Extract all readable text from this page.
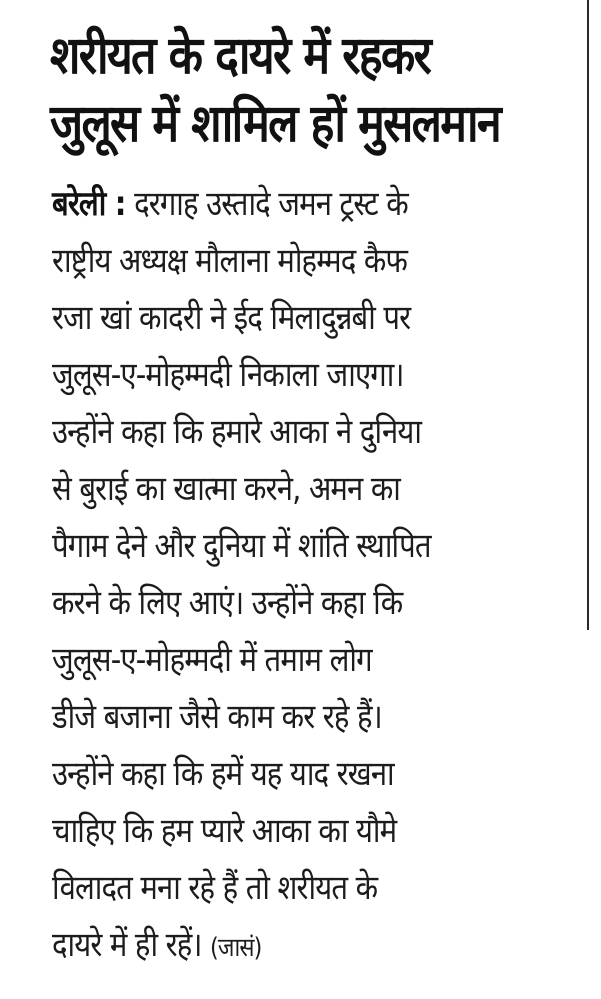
शरीयत के दायरे में रहकर
जुलूस में शामिल हों मुसलमान
बरेली : दरगाह उस्तादे जमन ट्रस्ट के
राष्ट्रीय अध्यक्ष मौलाना मोहम्मद कैफ
रजा खां कादरी ने ईद मिलादुन्नबी पर
जुलूस-ए-मोहम्मदी निकाला जाएगा।
उन्होंने कहा कि हमारे आका ने दुनिया
से बुराई का खात्मा करने, अमन का
पैगाम देने और दुनिया में शांति स्थापित
करने के लिए आएं। उन्होंने कहा कि
जुलूस-ए-मोहम्मदी में तमाम लोग
डीजे बजाना जैसे काम कर रहे हैं।
उन्होंने कहा कि हमें यह याद रखना
चाहिए कि हम प्यारे आका का यौमे
विलादत मना रहे हैं तो शरीयत के
दायरे में ही रहें। (जासं)
